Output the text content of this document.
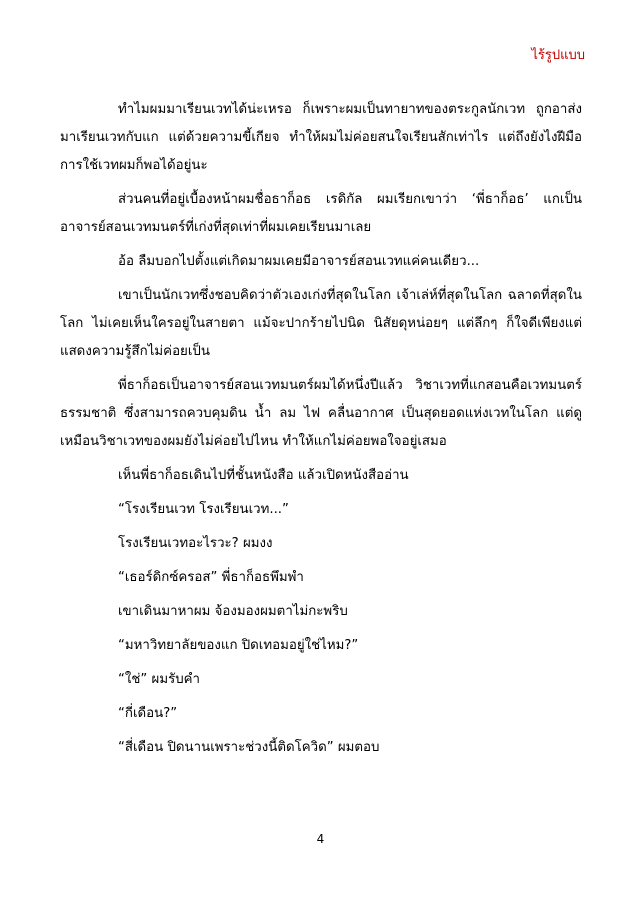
ไร้รูปแบบ

ทำไมผมมาเรียนเวทได้น่ะเหรอ ก็เพราะผมเป็นทายาทของตระกูลนักเวท ถูกอาส่งมาเรียนเวทกับแก แต่ด้วยความขี้เกียจ ทำให้ผมไม่ค่อยสนใจเรียนสักเท่าไร แต่ถึงยังไงฝีมือการใช้เวทผมก็พอได้อยู่นะ

ส่วนคนที่อยู่เบื้องหน้าผมชื่อธาก็อธ เรดิกัล ผมเรียกเขาว่า ‘พี่ธาก็อธ’ แกเป็นอาจารย์สอนเวทมนตร์ที่เก่งที่สุดเท่าที่ผมเคยเรียนมาเลย

อ้อ ลืมบอกไปตั้งแต่เกิดมาผมเคยมีอาจารย์สอนเวทแค่คนเดียว...

เขาเป็นนักเวทซึ่งชอบคิดว่าตัวเองเก่งที่สุดในโลก เจ้าเล่ห์ที่สุดในโลก ฉลาดที่สุดในโลก ไม่เคยเห็นใครอยู่ในสายตา แม้จะปากร้ายไปนิด นิสัยดุหน่อยๆ แต่ลึกๆ ก็ใจดีเพียงแต่แสดงความรู้สึกไม่ค่อยเป็น

พี่ธาก็อธเป็นอาจารย์สอนเวทมนตร์ผมได้หนึ่งปีแล้ว วิชาเวทที่แกสอนคือเวทมนตร์ธรรมชาติ ซึ่งสามารถควบคุมดิน น้ำ ลม ไฟ คลื่นอากาศ เป็นสุดยอดแห่งเวทในโลก แต่ดูเหมือนวิชาเวทของผมยังไม่ค่อยไปไหน ทำให้แกไม่ค่อยพอใจอยู่เสมอ

เห็นพี่ธาก็อธเดินไปที่ชั้นหนังสือ แล้วเปิดหนังสืออ่าน

“โรงเรียนเวท โรงเรียนเวท...”

โรงเรียนเวทอะไรวะ? ผมงง

“เธอร์ดิกซ์ครอส” พี่ธาก็อธพึมพำ

เขาเดินมาหาผม จ้องมองผมตาไม่กะพริบ

“มหาวิทยาลัยของแก ปิดเทอมอยู่ใช่ไหม?”

“ใช่” ผมรับคำ

“กี่เดือน?”

“สี่เดือน ปิดนานเพราะช่วงนี้ติดโควิด” ผมตอบ

4
